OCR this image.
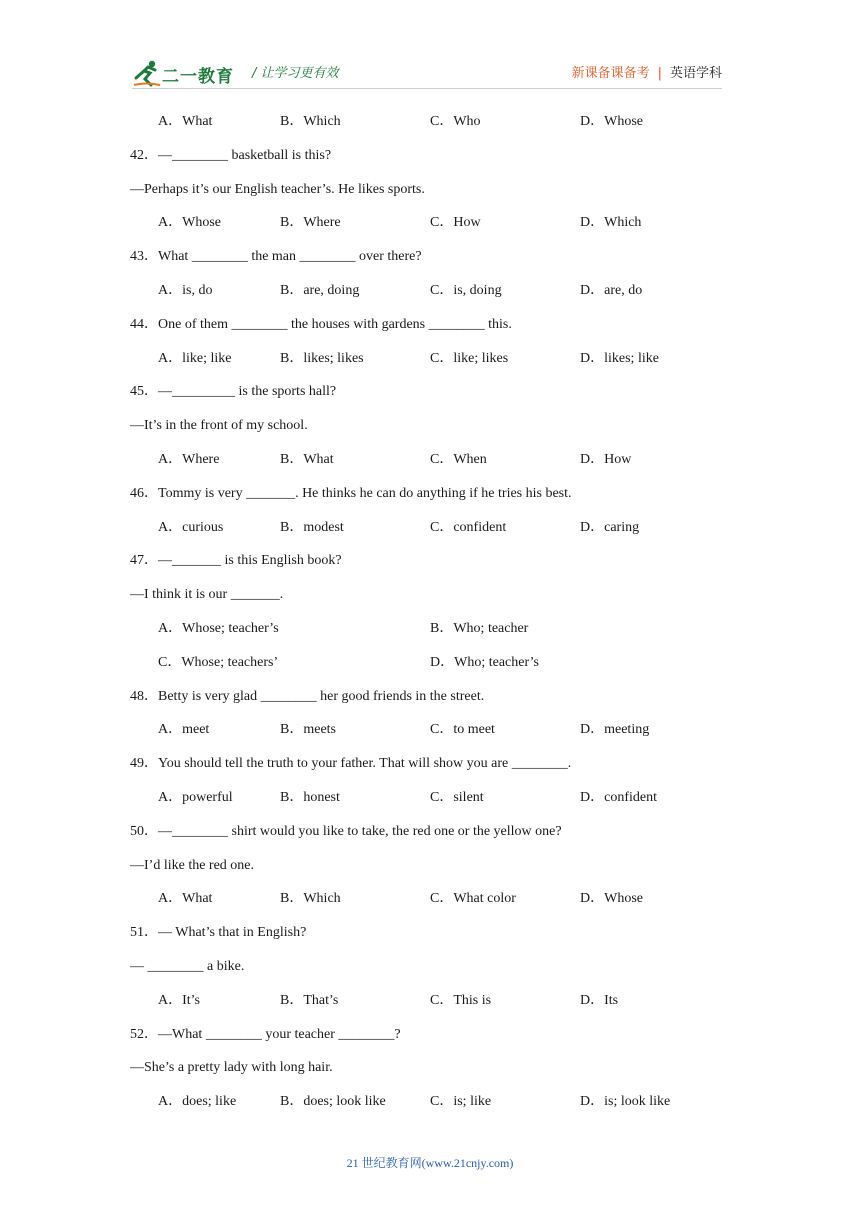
二一教育 / 让学习更有效	新课备课备考 | 英语学科
A．What	B．Which	C．Who	D．Whose
42．—________ basketball is this?
—Perhaps it’s our English teacher’s. He likes sports.
A．Whose	B．Where	C．How	D．Which
43．What ________ the man ________ over there?
A．is, do	B．are, doing	C．is, doing	D．are, do
44．One of them ________ the houses with gardens ________ this.
A．like; like	B．likes; likes	C．like; likes	D．likes; like
45．—_________ is the sports hall?
—It’s in the front of my school.
A．Where	B．What	C．When	D．How
46．Tommy is very _______. He thinks he can do anything if he tries his best.
A．curious	B．modest	C．confident	D．caring
47．—_______ is this English book?
—I think it is our _______.
A．Whose; teacher’s	B．Who; teacher
C．Whose; teachers’	D．Who; teacher’s
48．Betty is very glad ________ her good friends in the street.
A．meet	B．meets	C．to meet	D．meeting
49．You should tell the truth to your father. That will show you are ________.
A．powerful	B．honest	C．silent	D．confident
50．—________ shirt would you like to take, the red one or the yellow one?
—I’d like the red one.
A．What	B．Which	C．What color	D．Whose
51．— What’s that in English?
— ________ a bike.
A．It’s	B．That’s	C．This is	D．Its
52．—What ________ your teacher ________?
—She’s a pretty lady with long hair.
A．does; like	B．does; look like	C．is; like	D．is; look like
21 世纪教育网(www.21cnjy.com)
